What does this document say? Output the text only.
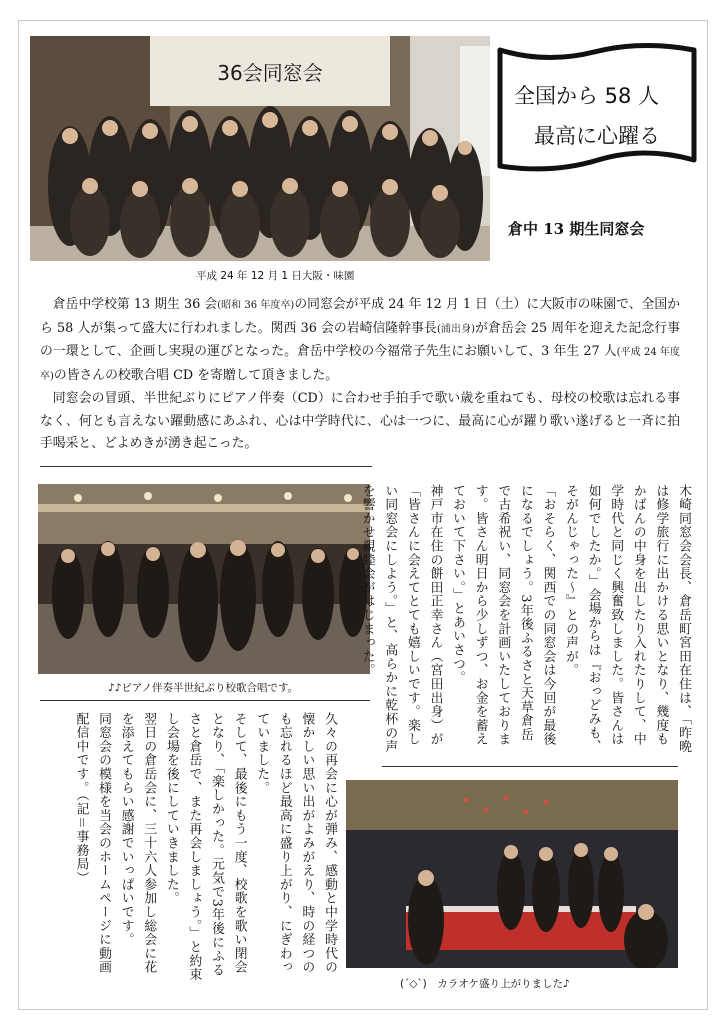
36会同窓会
平成 24 年 12 月 1 日大阪・味園
全国から 58 人
最高に心躍る
倉中 13 期生同窓会

倉岳中学校第 13 期生 36 会(昭和 36 年度卒)の同窓会が平成 24 年 12 月 1 日（土）に大阪市の味園で、全国から 58 人が集って盛大に行われました。関西 36 会の岩崎信隆幹事長(浦出身)が倉岳会 25 周年を迎えた記念行事の一環として、企画し実現の運びとなった。倉岳中学校の今福常子先生にお願いして、3 年生 27 人(平成 24 年度卒)の皆さんの校歌合唱 CD を寄贈して頂きました。

同窓会の冒頭、半世紀ぶりにピアノ伴奏（CD）に合わせ手拍手で歌い歳を重ねても、母校の校歌は忘れる事なく、何とも言えない躍動感にあふれ、心は中学時代に、心は一つに、最高に心が躍り歌い遂げると一斉に拍手喝采と、どよめきが湧き起こった。

♪♪ピアノ伴奏半世紀ぶり校歌合唱です。	木崎同窓会会長、倉岳町宮田在住は、「昨晩は修学旅行に出かける思いとなり、幾度もかばんの中身を出したり入れたりして、中学時代と同じく興奮致しました。皆さんは如何でしたか。」会場からは『おっどみも、そがんじゃった～』との声が。

「おそらく、関西での同窓会は今回が最後になるでしょう。3年後ふるさと天草倉岳で古希祝い、同窓会を計画いたしております。皆さん明日から少しずつ、お金を蓄えておいて下さい。」とあいさつ。

神戸市在住の餅田正幸さん（宮田出身）が「皆さんに会えてとても嬉しいです。楽しい同窓会にしよう。」と、高らかに乾杯の声を響かせ親睦会がはじまった。

久々の再会に心が弾み、感動と中学時代の懐かしい思い出がよみがえり、時の経つのも忘れるほど最高に盛り上がり、にぎわっていました。

そして、最後にもう一度、校歌を歌い閉会となり、「楽しかった。元気で3年後にふるさと倉岳で、また再会しましょう。」と約束し会場を後にしていきました。

翌日の倉岳会に、三十六人参加し総会に花を添えてもらい感謝でいっぱいです。

同窓会の模様を当会のホームページに動画配信中です。（記＝事務局）

(´◇`)　カラオケ盛り上がりました♪
